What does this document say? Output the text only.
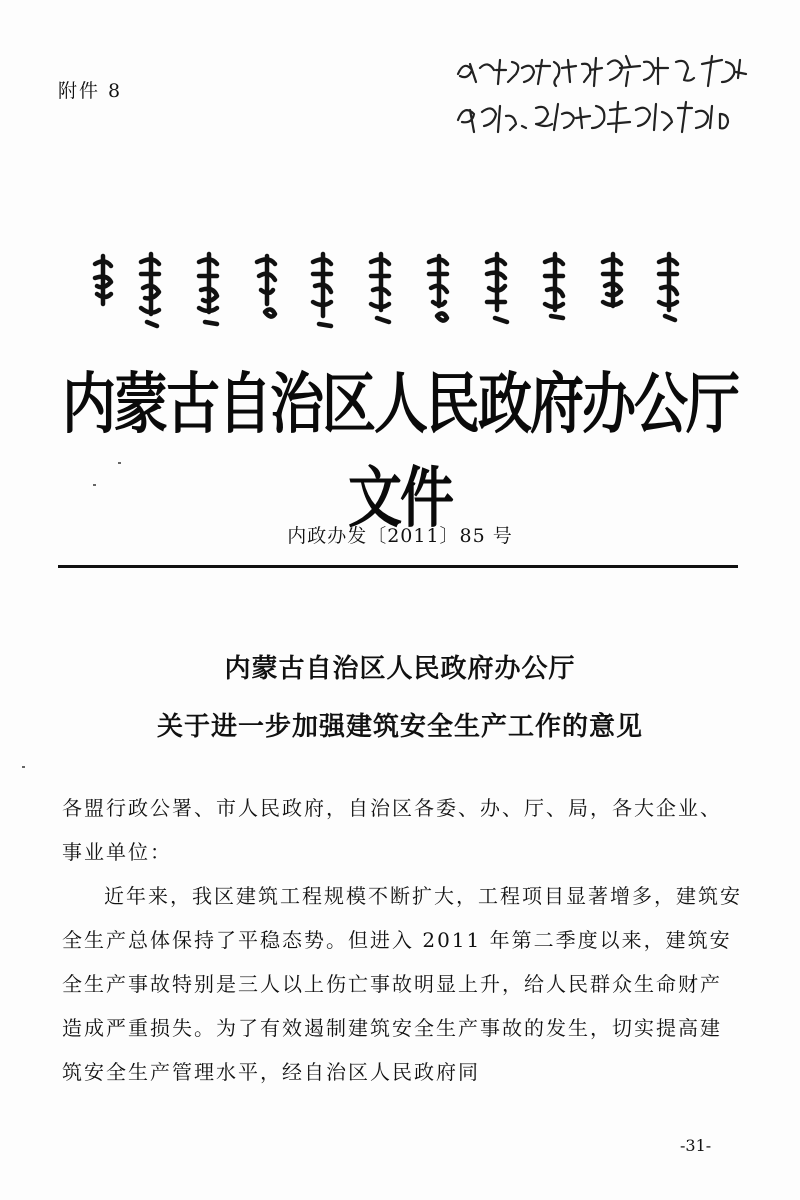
附件 8
内蒙古自治区人民政府办公厅文件
内政办发〔2011〕85 号
内蒙古自治区人民政府办公厅
关于进一步加强建筑安全生产工作的意见
各盟行政公署、市人民政府，自治区各委、办、厅、局，各大企业、事业单位：
近年来，我区建筑工程规模不断扩大，工程项目显著增多，建筑安全生产总体保持了平稳态势。但进入 2011 年第二季度以来，建筑安全生产事故特别是三人以上伤亡事故明显上升，给人民群众生命财产造成严重损失。为了有效遏制建筑安全生产事故的发生，切实提高建筑安全生产管理水平，经自治区人民政府同
-31-
